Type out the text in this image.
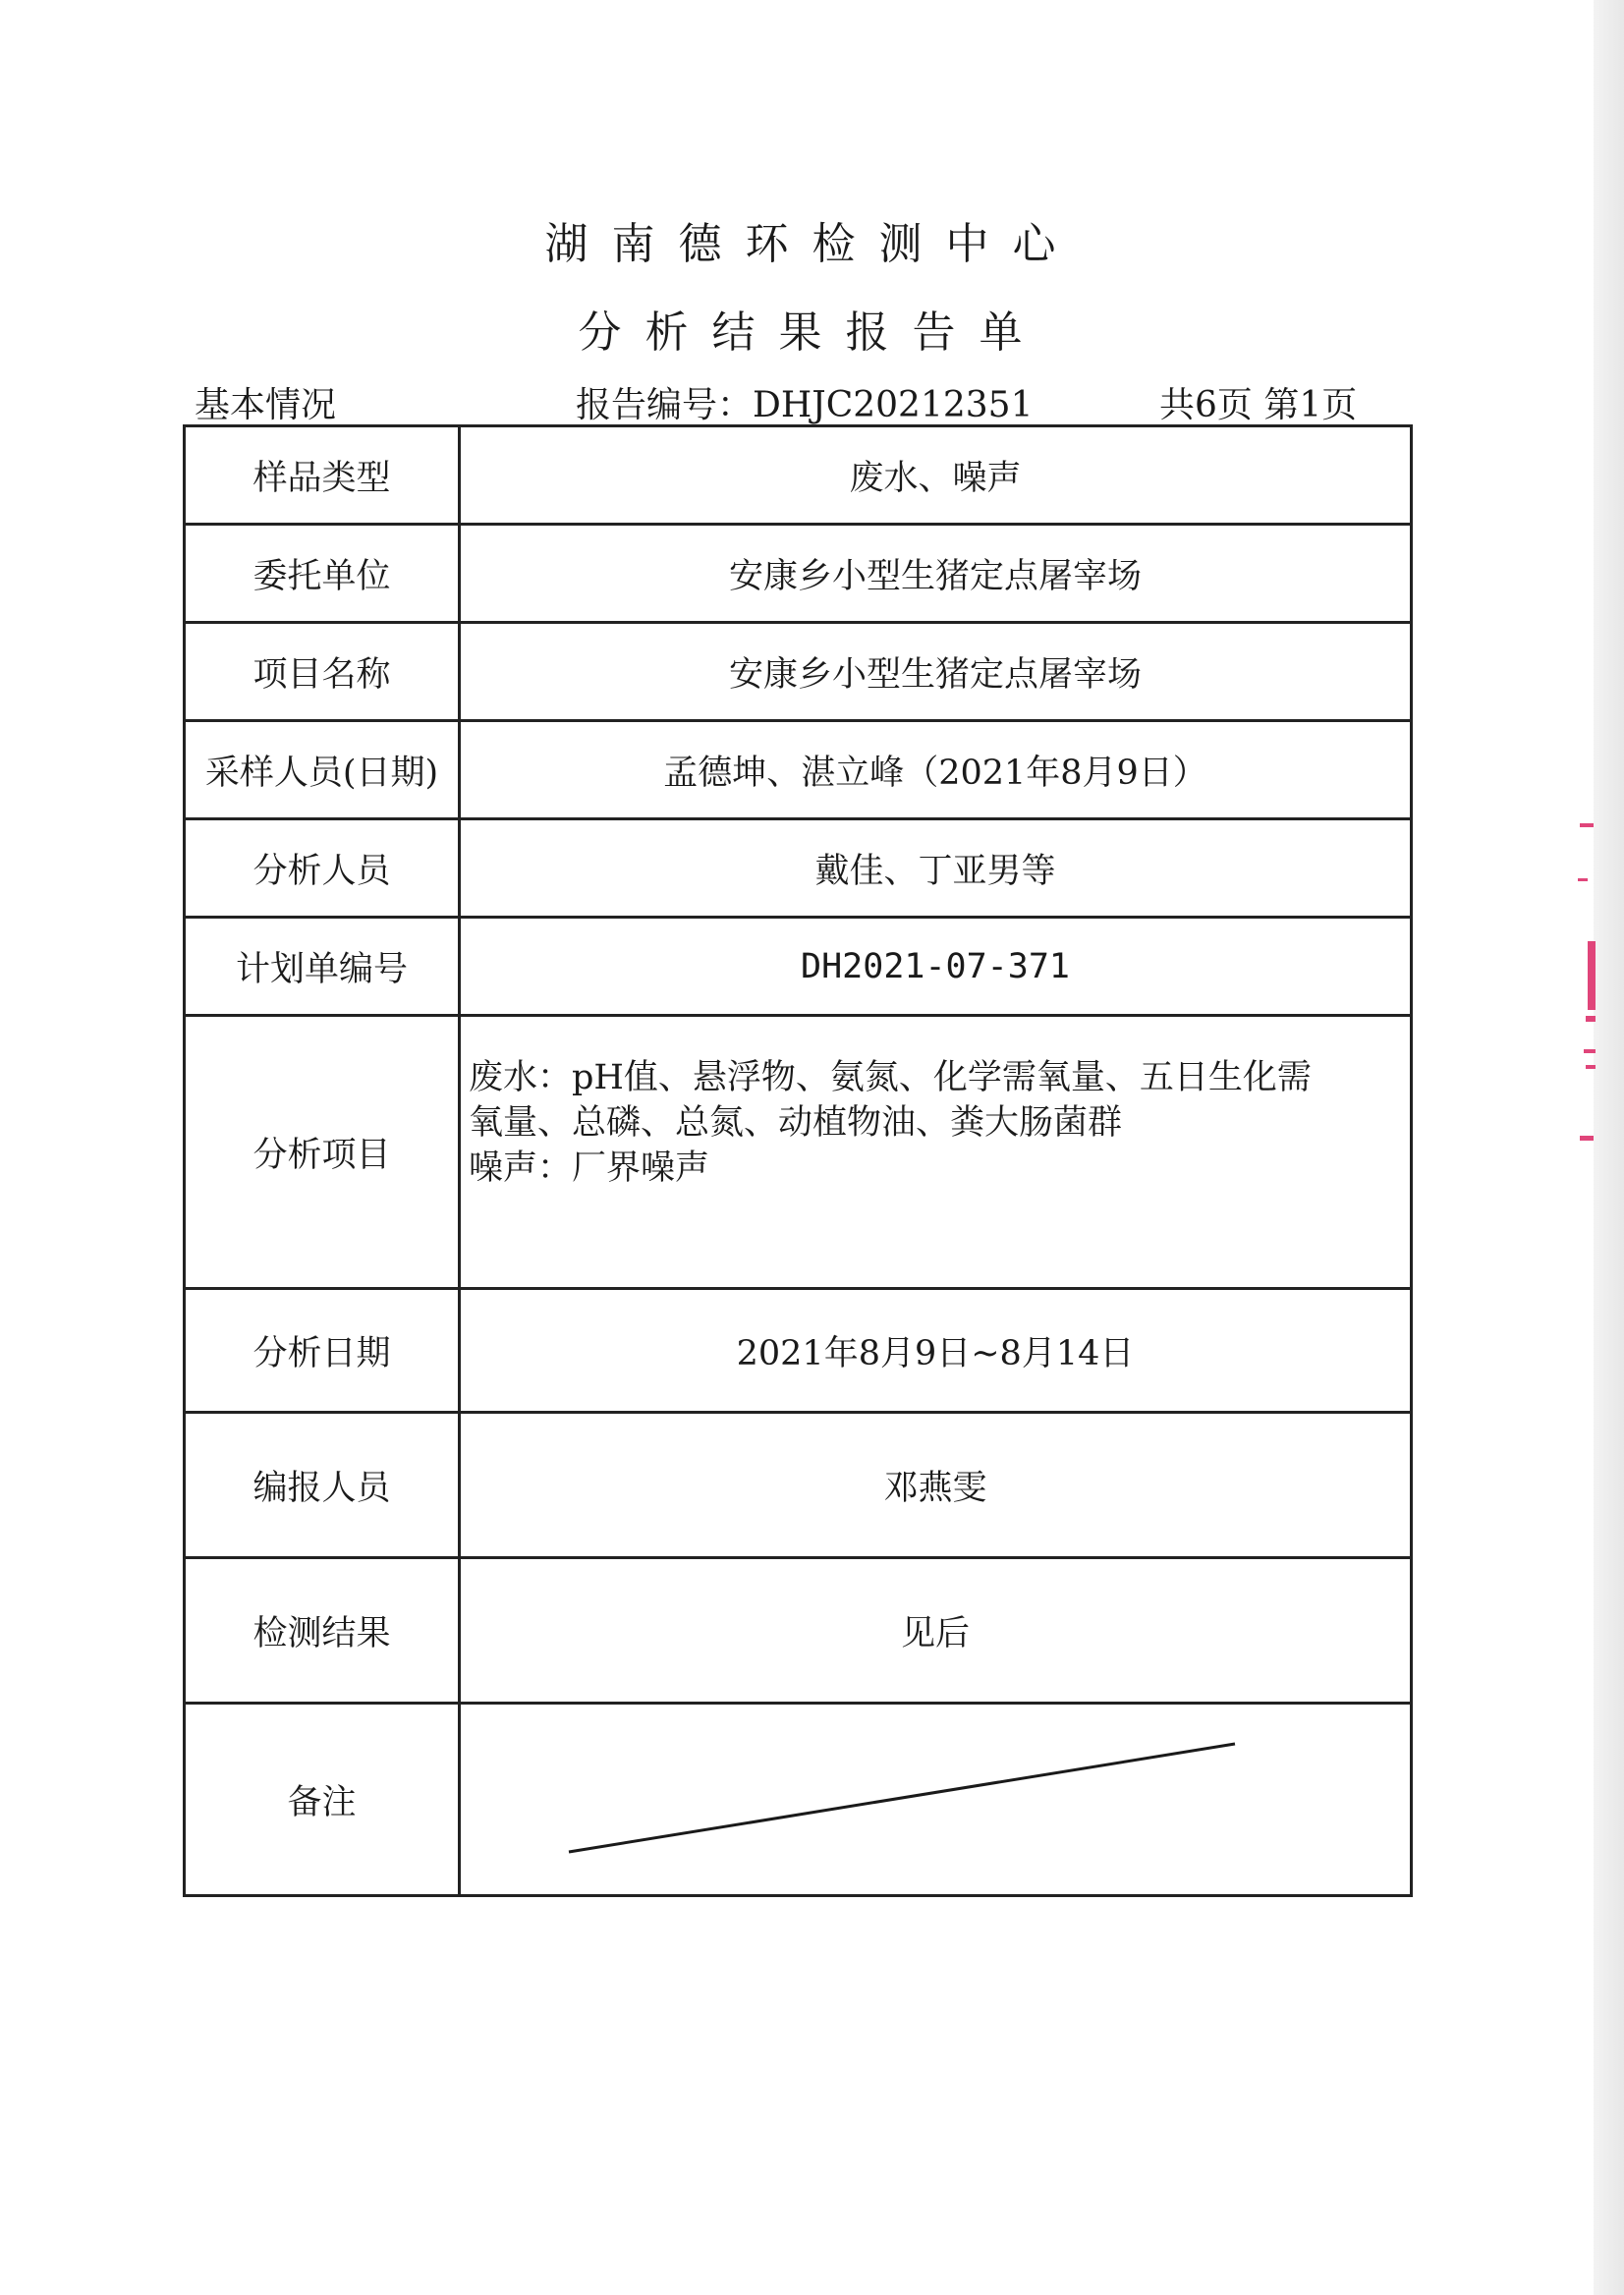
湖南德环检测中心
分析结果报告单
基本情况	报告编号：DHJC20212351	共6页 第1页
样品类型	废水、噪声
委托单位	安康乡小型生猪定点屠宰场
项目名称	安康乡小型生猪定点屠宰场
采样人员(日期)	孟德坤、湛立峰（2021年8月9日）
分析人员	戴佳、丁亚男等
计划单编号	DH2021-07-371
分析项目	废水：pH值、悬浮物、氨氮、化学需氧量、五日生化需
氧量、总磷、总氮、动植物油、粪大肠菌群
噪声：厂界噪声

分析日期	2021年8月9日~8月14日
编报人员	邓燕雯
检测结果	见后
备注	
